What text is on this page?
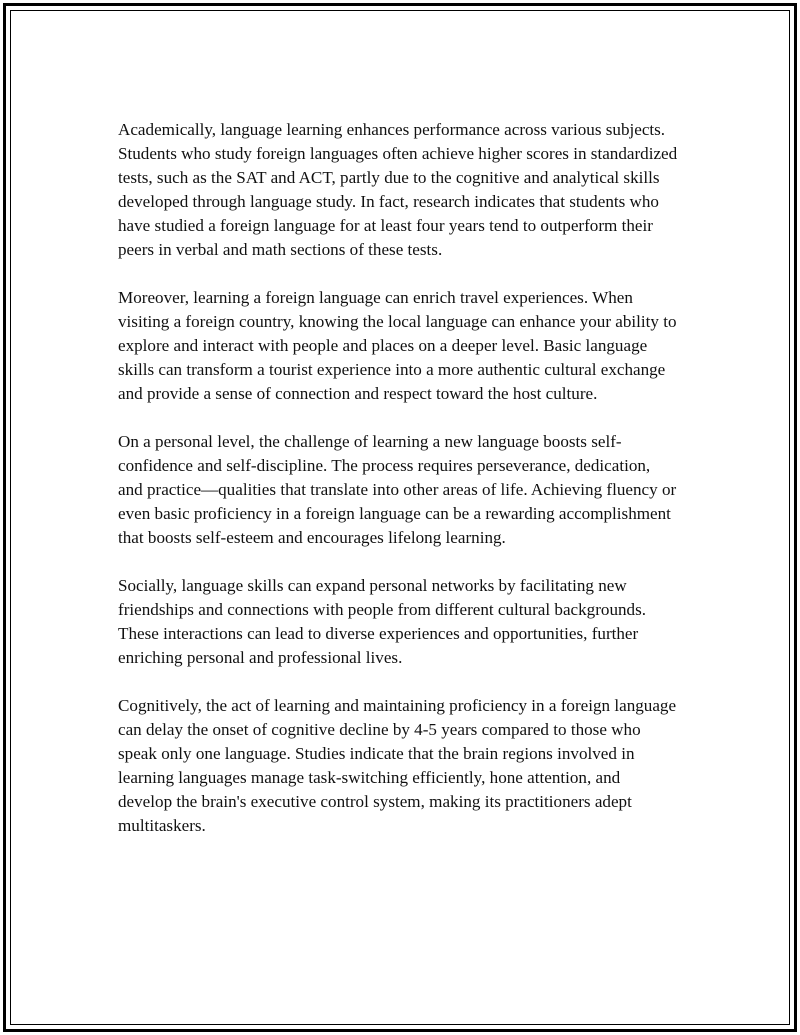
Academically, language learning enhances performance across various subjects. Students who study foreign languages often achieve higher scores in standardized tests, such as the SAT and ACT, partly due to the cognitive and analytical skills developed through language study. In fact, research indicates that students who have studied a foreign language for at least four years tend to outperform their peers in verbal and math sections of these tests.

Moreover, learning a foreign language can enrich travel experiences. When visiting a foreign country, knowing the local language can enhance your ability to explore and interact with people and places on a deeper level. Basic language skills can transform a tourist experience into a more authentic cultural exchange and provide a sense of connection and respect toward the host culture.

On a personal level, the challenge of learning a new language boosts self-confidence and self-discipline. The process requires perseverance, dedication, and practice—qualities that translate into other areas of life. Achieving fluency or even basic proficiency in a foreign language can be a rewarding accomplishment that boosts self-esteem and encourages lifelong learning.

Socially, language skills can expand personal networks by facilitating new friendships and connections with people from different cultural backgrounds. These interactions can lead to diverse experiences and opportunities, further enriching personal and professional lives.

Cognitively, the act of learning and maintaining proficiency in a foreign language can delay the onset of cognitive decline by 4-5 years compared to those who speak only one language. Studies indicate that the brain regions involved in learning languages manage task-switching efficiently, hone attention, and develop the brain's executive control system, making its practitioners adept multitaskers.
